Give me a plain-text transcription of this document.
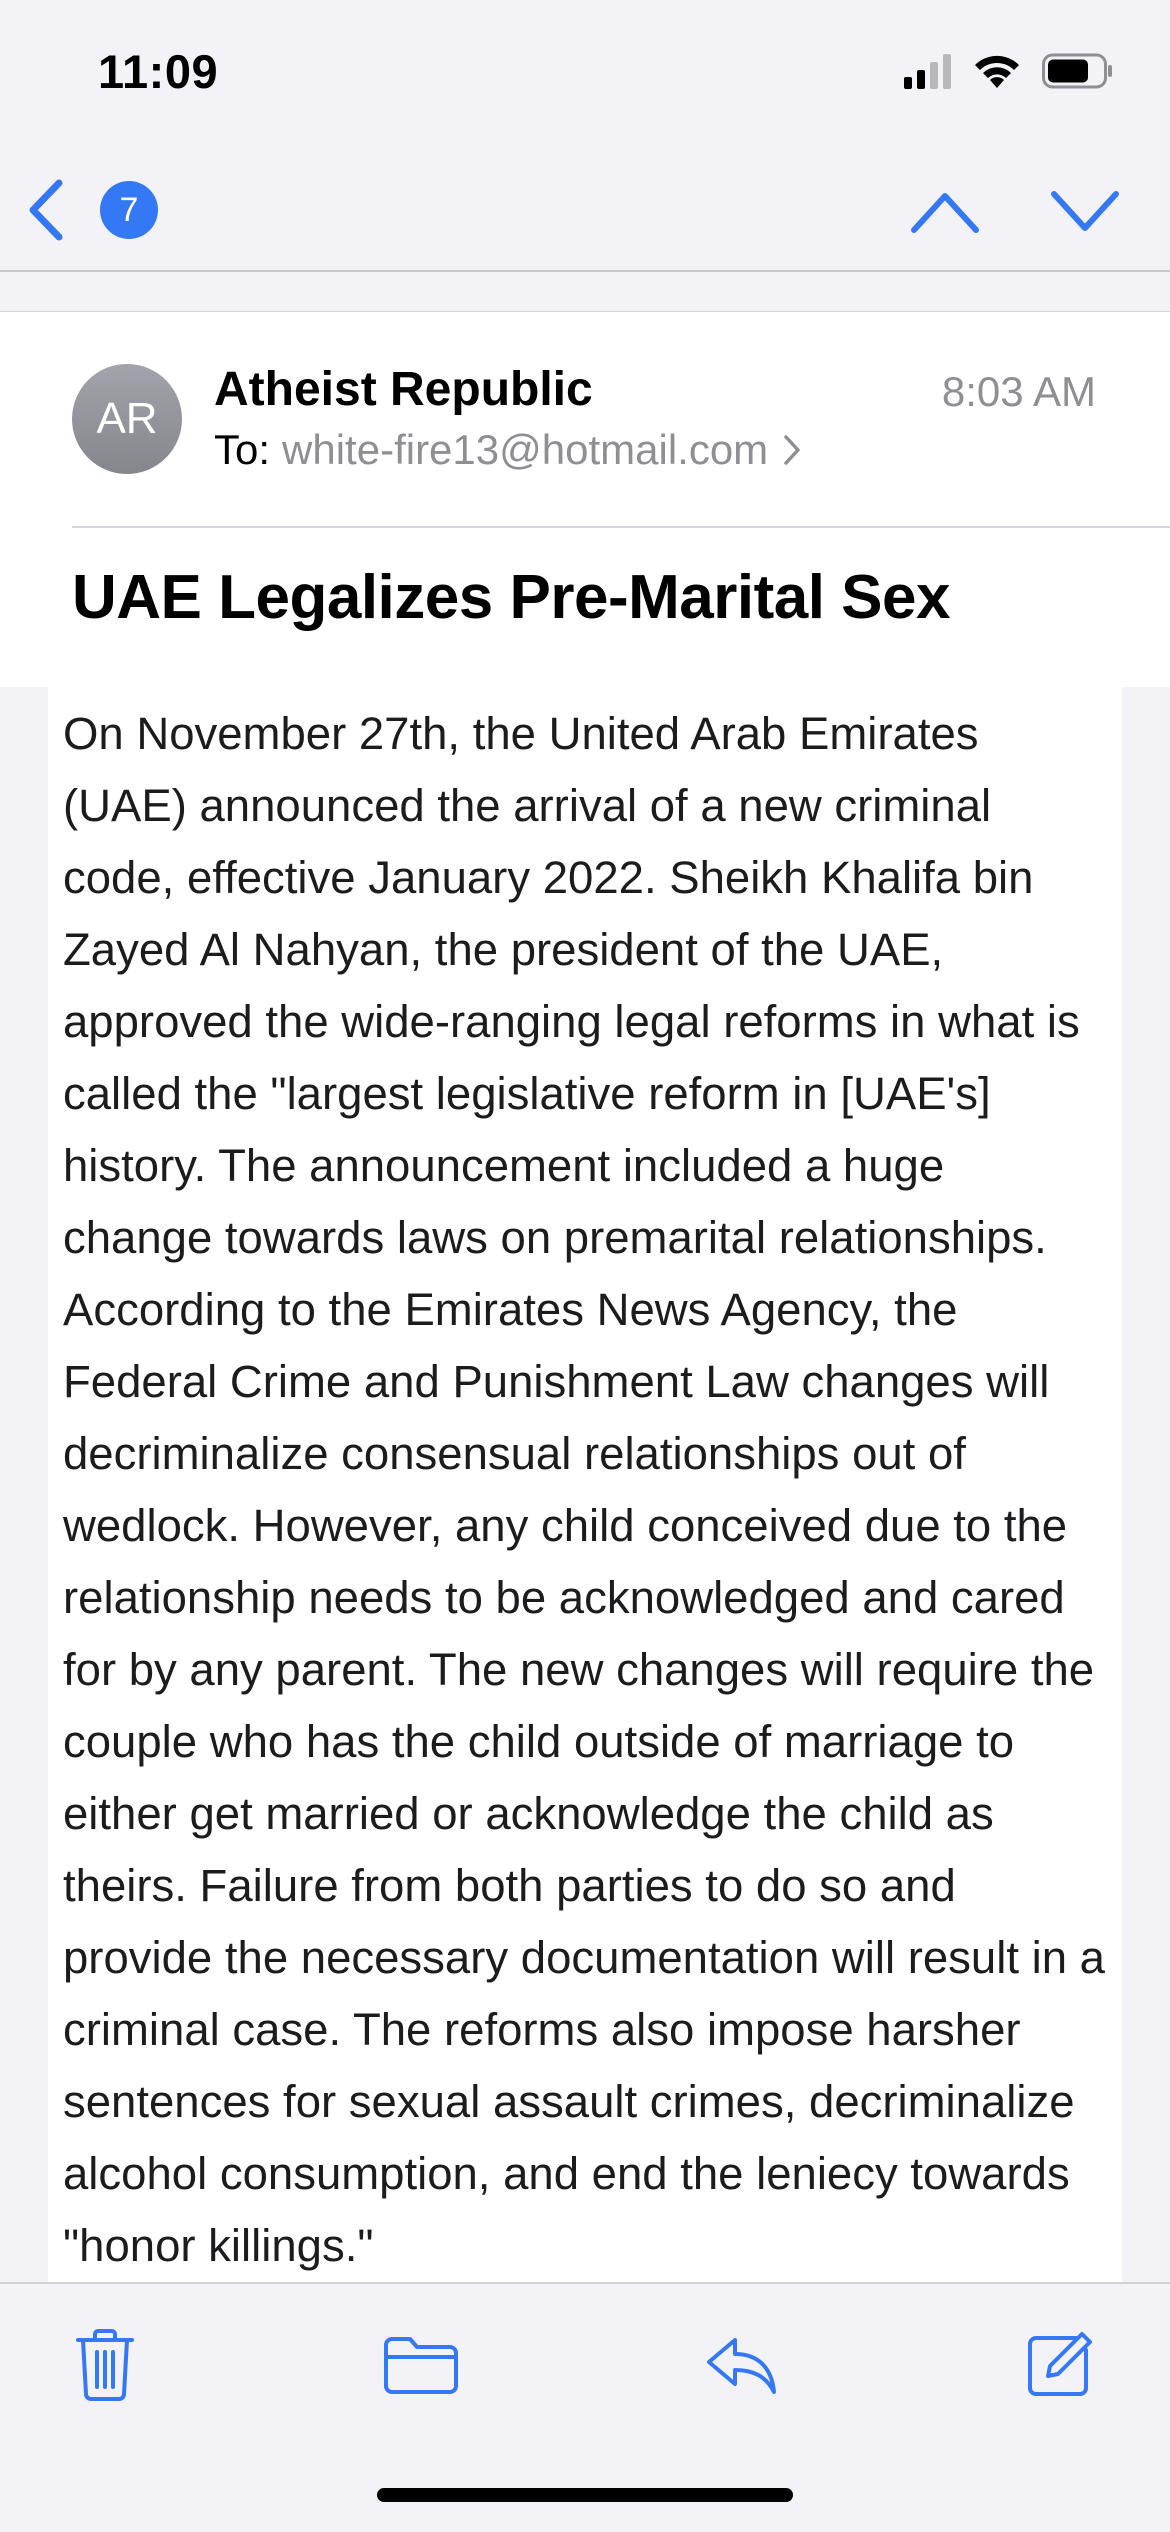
11:09
7
AR
Atheist Republic	8:03 AM
To: white-fire13@hotmail.com
UAE Legalizes Pre-Marital Sex

On November 27th, the United Arab Emirates (UAE) announced the arrival of a new criminal code, effective January 2022. Sheikh Khalifa bin Zayed Al Nahyan, the president of the UAE, approved the wide-ranging legal reforms in what is called the "largest legislative reform in [UAE's] history. The announcement included a huge change towards laws on premarital relationships. According to the Emirates News Agency, the Federal Crime and Punishment Law changes will decriminalize consensual relationships out of wedlock. However, any child conceived due to the relationship needs to be acknowledged and cared for by any parent. The new changes will require the couple who has the child outside of marriage to either get married or acknowledge the child as theirs. Failure from both parties to do so and provide the necessary documentation will result in a criminal case. The reforms also impose harsher sentences for sexual assault crimes, decriminalize alcohol consumption, and end the leniecy towards "honor killings."
